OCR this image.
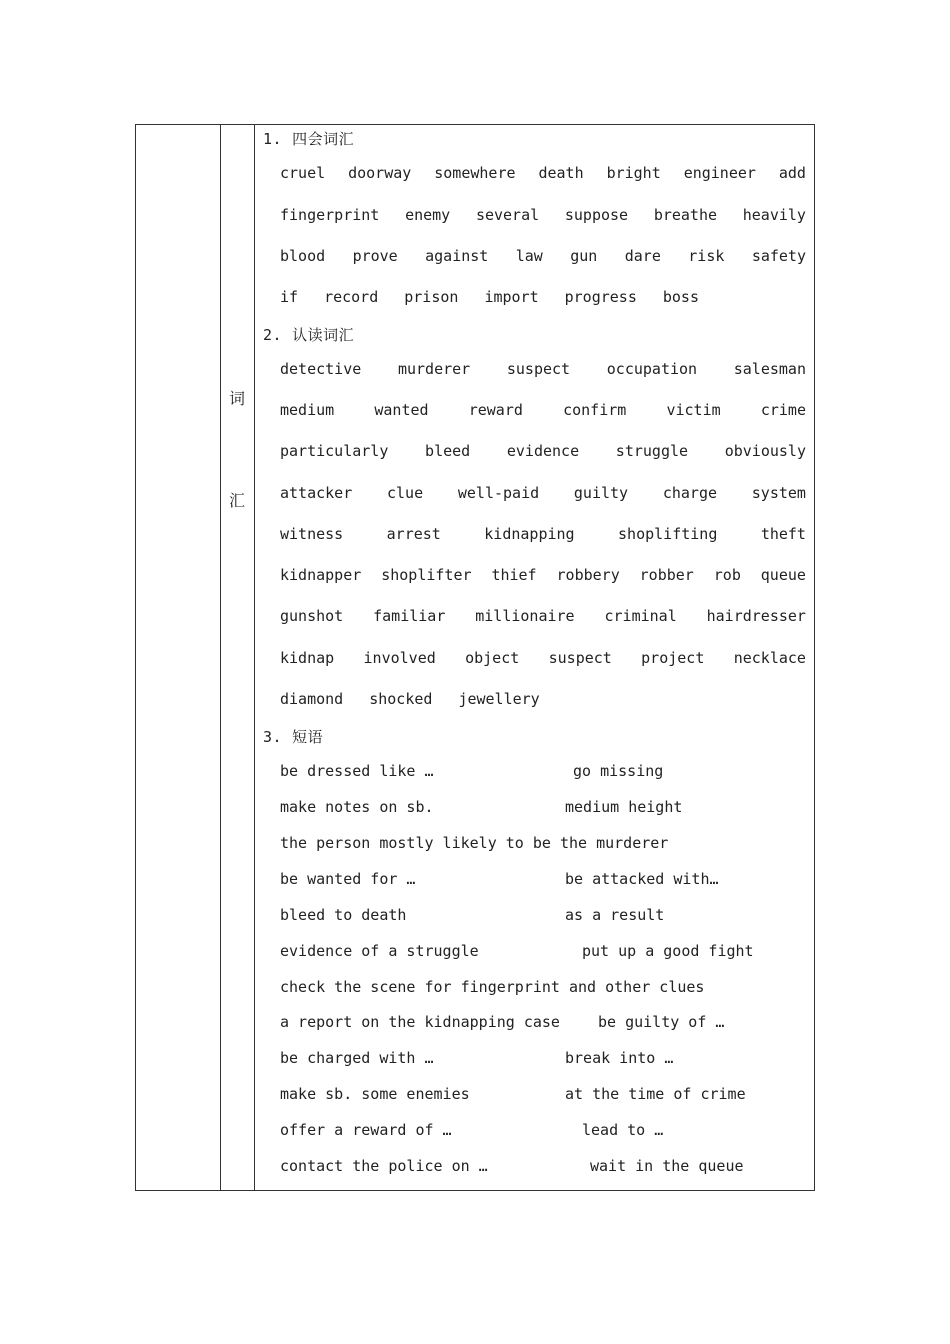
词
汇
1. 四会词汇
cruel doorway somewhere death bright engineer add
fingerprint enemy several suppose breathe heavily
blood prove against law gun dare risk safety
if record prison import progress boss
2. 认读词汇
detective murderer suspect occupation salesman
medium	wanted	reward	confirm	victim	crime
particularly bleed evidence struggle obviously
attacker clue well-paid guilty charge system
witness	arrest	kidnapping	shoplifting	theft
kidnapper shoplifter thief robbery robber rob queue
gunshot familiar millionaire criminal hairdresser
kidnap involved object suspect project necklace
diamond shocked jewellery
3. 短语
be dressed like …	go missing
make notes on sb.	medium height
the person mostly likely to be the murderer
be wanted for …	be attacked with…
bleed to death	as a result
evidence of a struggle	put up a good fight
check the scene for fingerprint and other clues
a report on the kidnapping case	be guilty of …
be charged with …	break into …
make sb. some enemies	at the time of crime
offer a reward of …	lead to …
contact the police on …	wait in the queue
